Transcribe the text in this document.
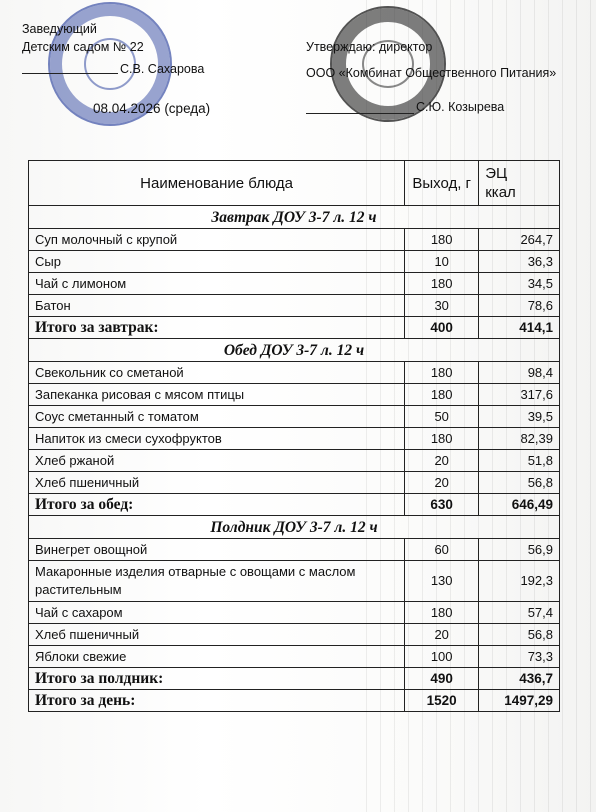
Заведующий
Детским садом № 22
С.В. Сахарова
08.04.2026 (среда)
Утверждаю: директор
ООО «Комбинат Общественного Питания»
С.Ю. Козырева
Наименование блюда	Выход, г	ЭЦ
ккал
Завтрак ДОУ 3-7 л. 12 ч		
Суп молочный с крупой	180	264,7
Сыр	10	36,3
Чай с лимоном	180	34,5
Батон	30	78,6
Итого за завтрак:	400	414,1
Обед ДОУ 3-7 л. 12 ч		
Свекольник со сметаной	180	98,4
Запеканка рисовая с мясом птицы	180	317,6
Соус сметанный с томатом	50	39,5
Напиток из смеси сухофруктов	180	82,39
Хлеб ржаной	20	51,8
Хлеб пшеничный	20	56,8
Итого за обед:	630	646,49
Полдник ДОУ 3-7 л. 12 ч		
Винегрет овощной	60	56,9
Макаронные изделия отварные с овощами с маслом растительным	130	192,3
Чай с сахаром	180	57,4
Хлеб пшеничный	20	56,8
Яблоки свежие	100	73,3
Итого за полдник:	490	436,7
Итого за день:	1520	1497,29
